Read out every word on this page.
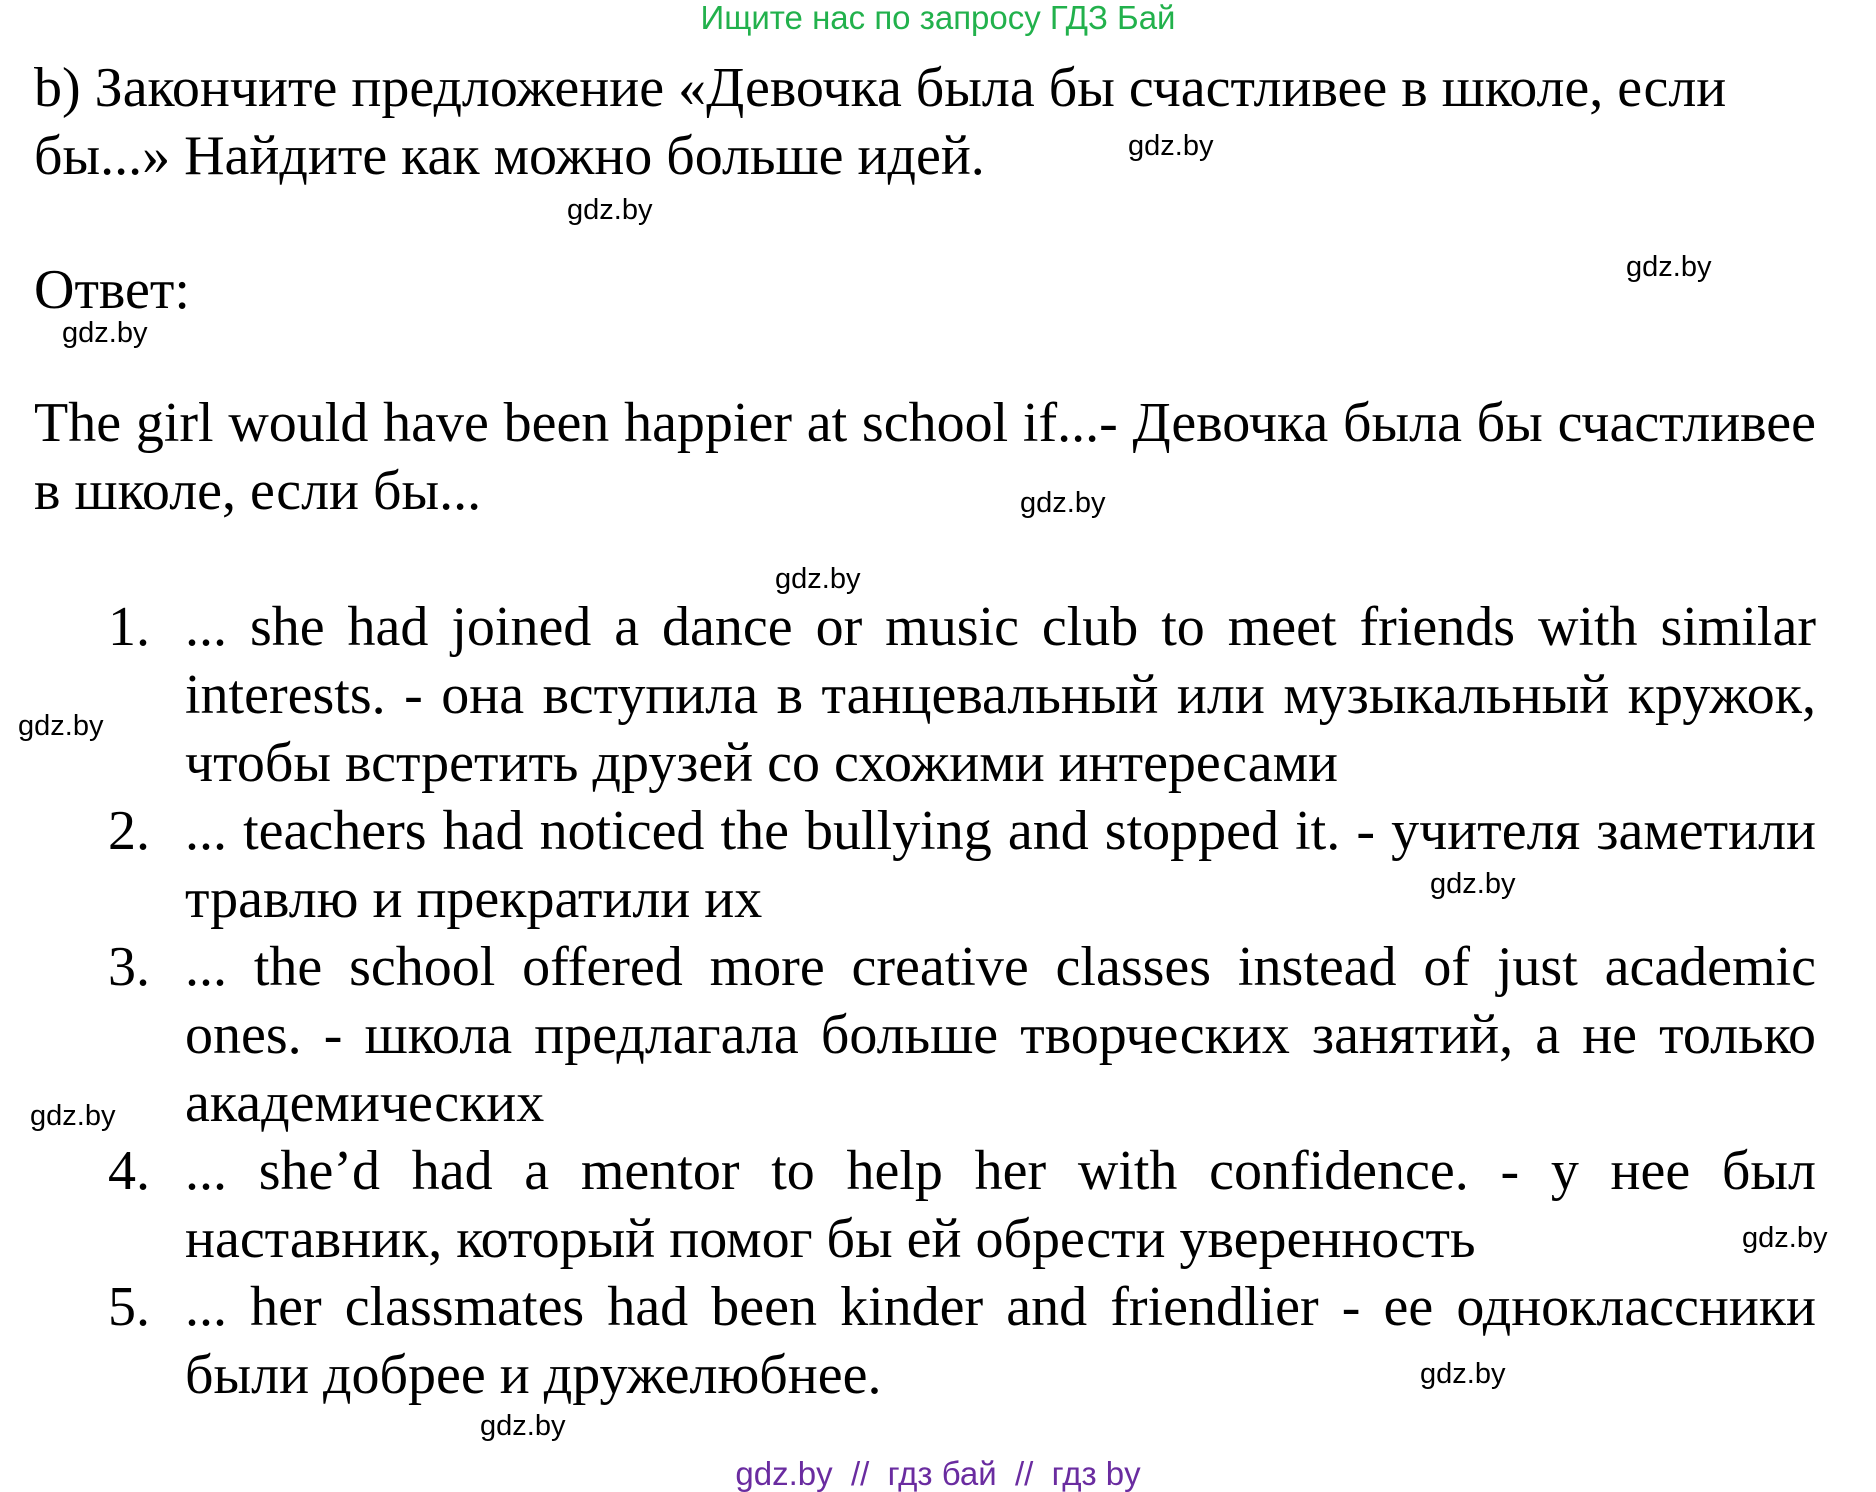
Ищите нас по запросу ГДЗ Бай
b) Закончите предложение «Девочка была бы счастливее в школе, если бы...» Найдите как можно больше идей.
Ответ:
The girl would have been happier at school if...- Девочка была бы счастливее в школе, если бы...
1. ... she had joined a dance or music club to meet friends with similar interests. - она вступила в танцевальный или музыкальный кружок, чтобы встретить друзей со схожими интересами
2. ... teachers had noticed the bullying and stopped it. - учителя заметили травлю и прекратили их
3. ... the school offered more creative classes instead of just academic ones. - школа предлагала больше творческих занятий, а не только академических
4. ... she’d had a mentor to help her with confidence. - у нее был наставник, который помог бы ей обрести уверенность
5. ... her classmates had been kinder and friendlier - ее одноклассники были добрее и дружелюбнее.
gdz.by
gdz.by
gdz.by
gdz.by
gdz.by
gdz.by
gdz.by
gdz.by
gdz.by
gdz.by
gdz.by
gdz.by
gdz.by  //  гдз бай  //  гдз by
